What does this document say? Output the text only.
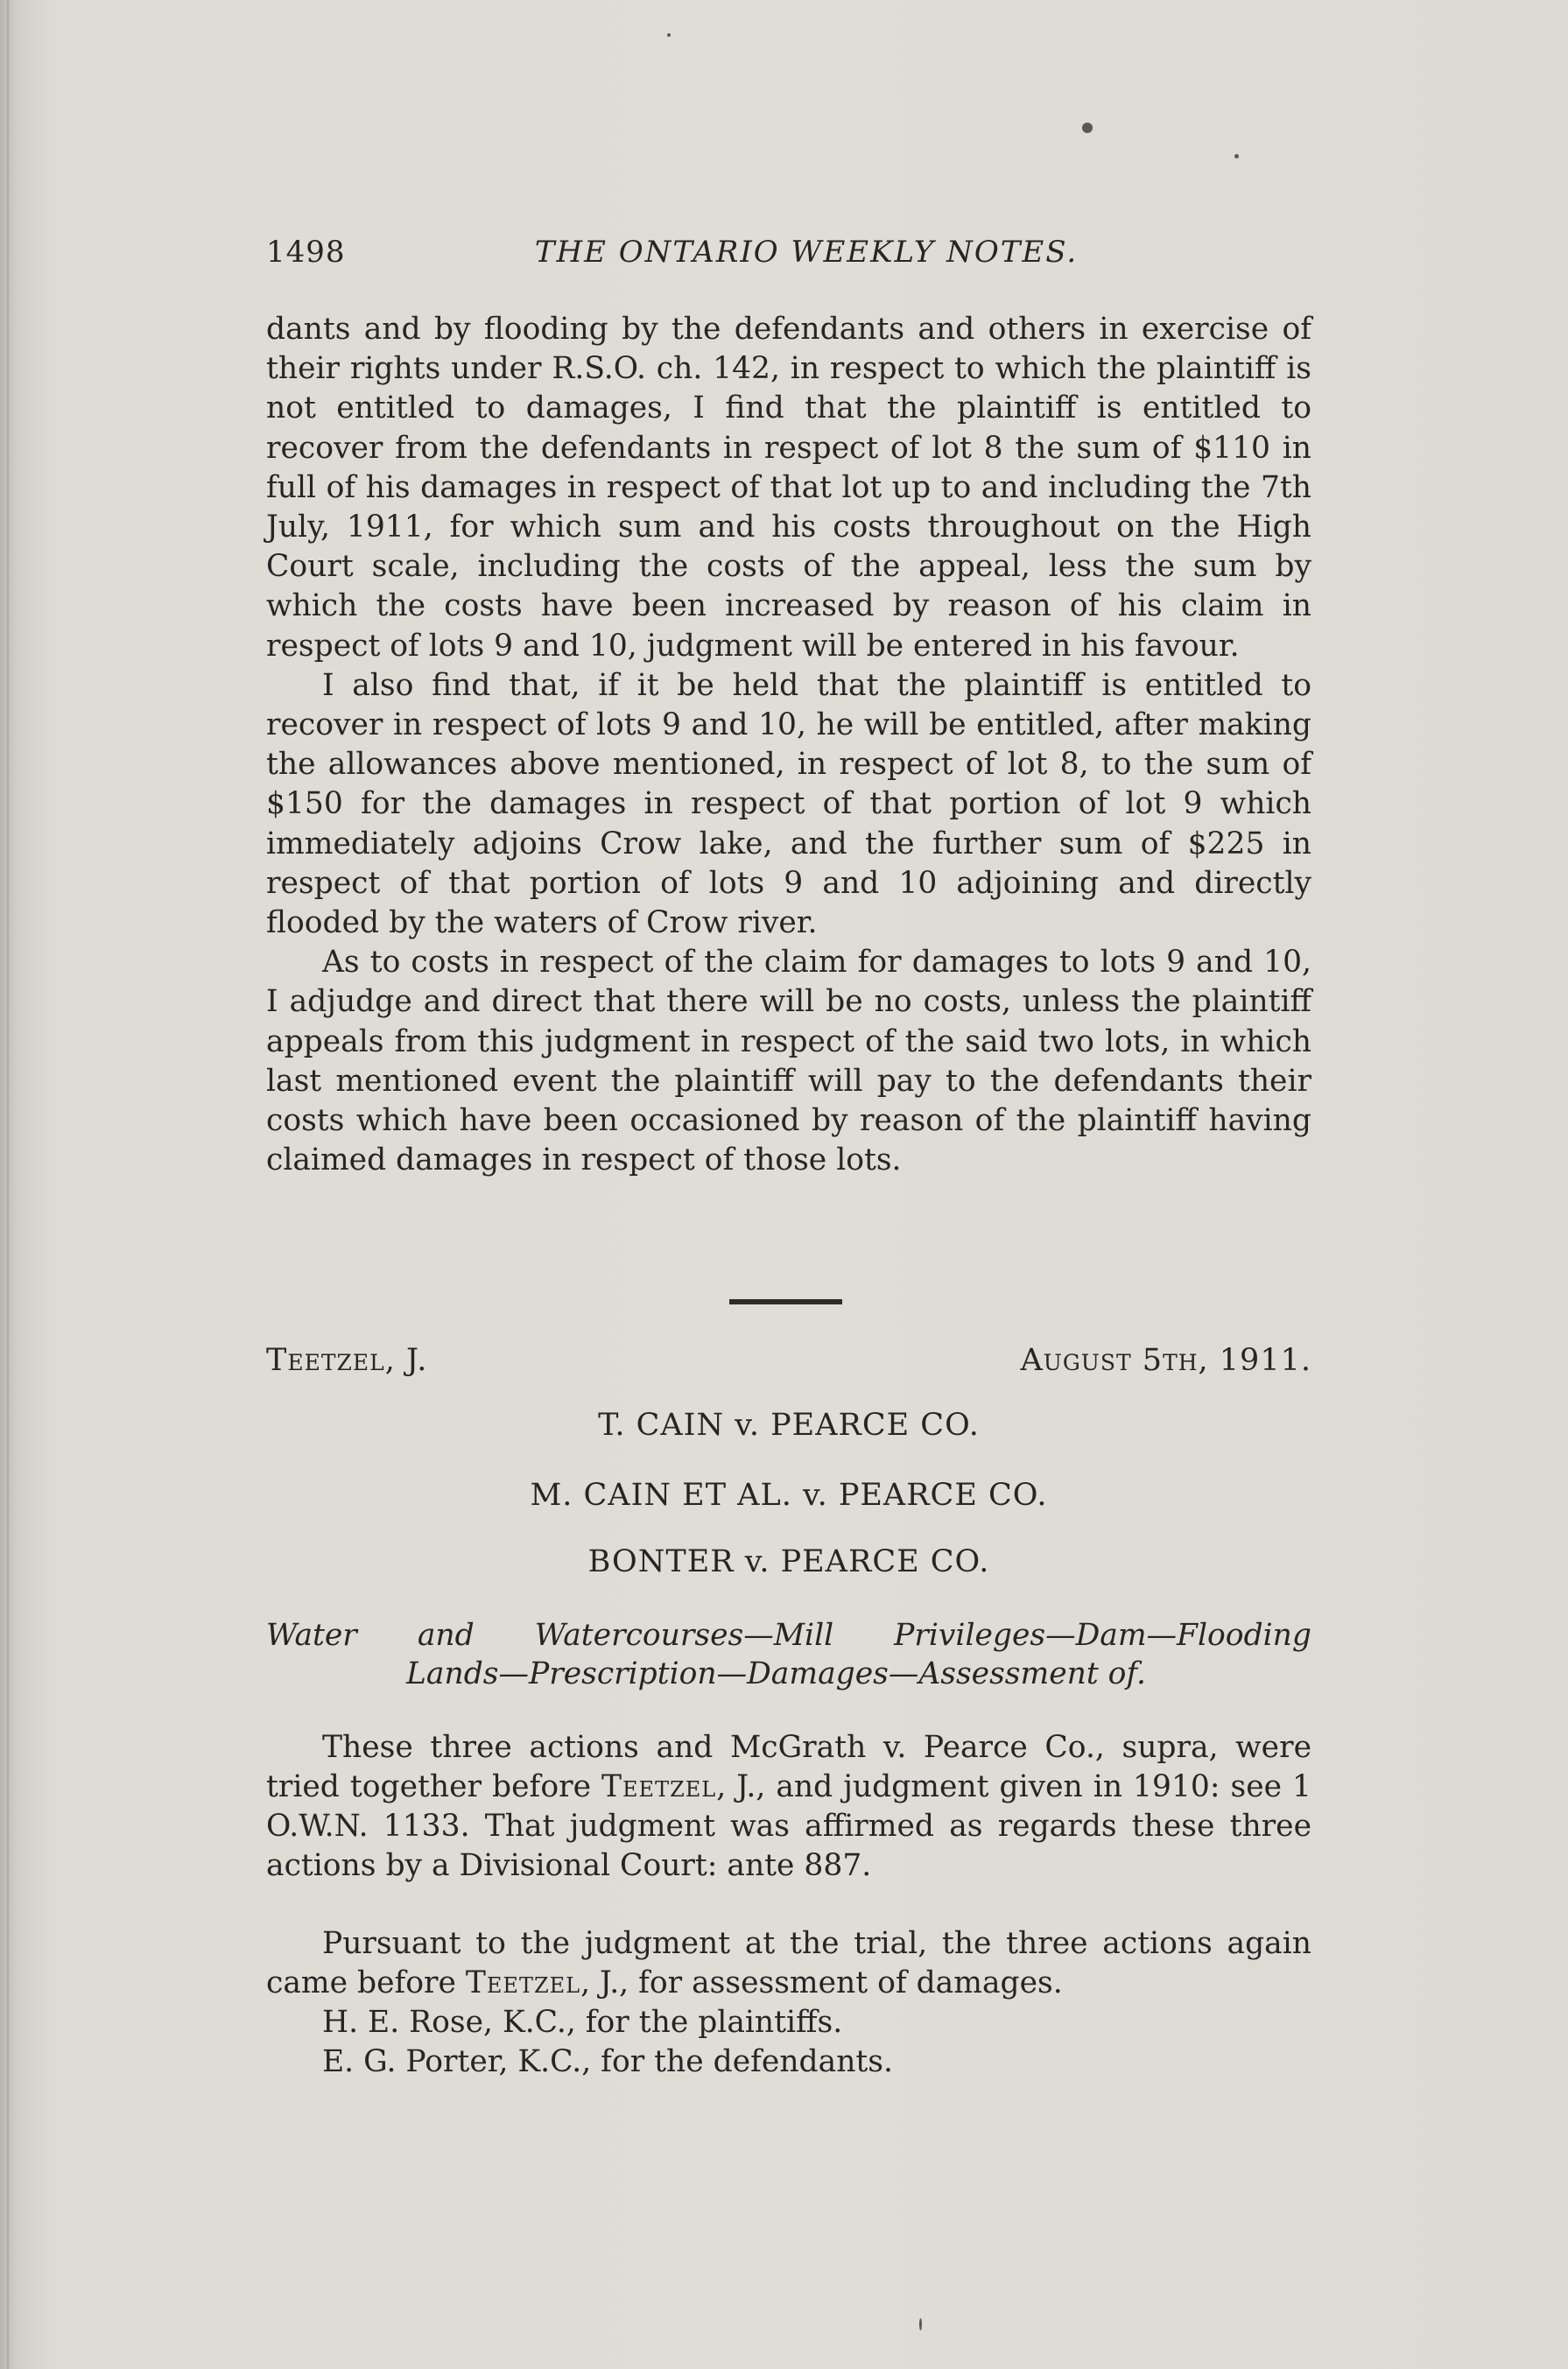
1498	THE ONTARIO WEEKLY NOTES.

dants and by flooding by the defendants and others in exercise of their rights under R.S.O. ch. 142, in respect to which the plaintiff is not entitled to damages, I find that the plaintiff is entitled to recover from the defendants in respect of lot 8 the sum of $110 in full of his damages in respect of that lot up to and including the 7th July, 1911, for which sum and his costs throughout on the High Court scale, including the costs of the appeal, less the sum by which the costs have been increased by reason of his claim in respect of lots 9 and 10, judgment will be entered in his favour.

I also find that, if it be held that the plaintiff is entitled to recover in respect of lots 9 and 10, he will be entitled, after making the allowances above mentioned, in respect of lot 8, to the sum of $150 for the damages in respect of that portion of lot 9 which immediately adjoins Crow lake, and the further sum of $225 in respect of that portion of lots 9 and 10 adjoining and directly flooded by the waters of Crow river.

As to costs in respect of the claim for damages to lots 9 and 10, I adjudge and direct that there will be no costs, unless the plaintiff appeals from this judgment in respect of the said two lots, in which last mentioned event the plaintiff will pay to the defendants their costs which have been occasioned by reason of the plaintiff having claimed damages in respect of those lots.

Teetzel, J.	August 5th, 1911.
T. CAIN v. PEARCE CO.
M. CAIN ET AL. v. PEARCE CO.
BONTER v. PEARCE CO.
Water and Watercourses—Mill Privileges—Dam—Flooding
Lands—Prescription—Damages—Assessment of.

These three actions and McGrath v. Pearce Co., supra, were tried together before Teetzel, J., and judgment given in 1910: see 1 O.W.N. 1133. That judgment was affirmed as regards these three actions by a Divisional Court: ante 887.

Pursuant to the judgment at the trial, the three actions again came before Teetzel, J., for assessment of damages.

H. E. Rose, K.C., for the plaintiffs.

E. G. Porter, K.C., for the defendants.
